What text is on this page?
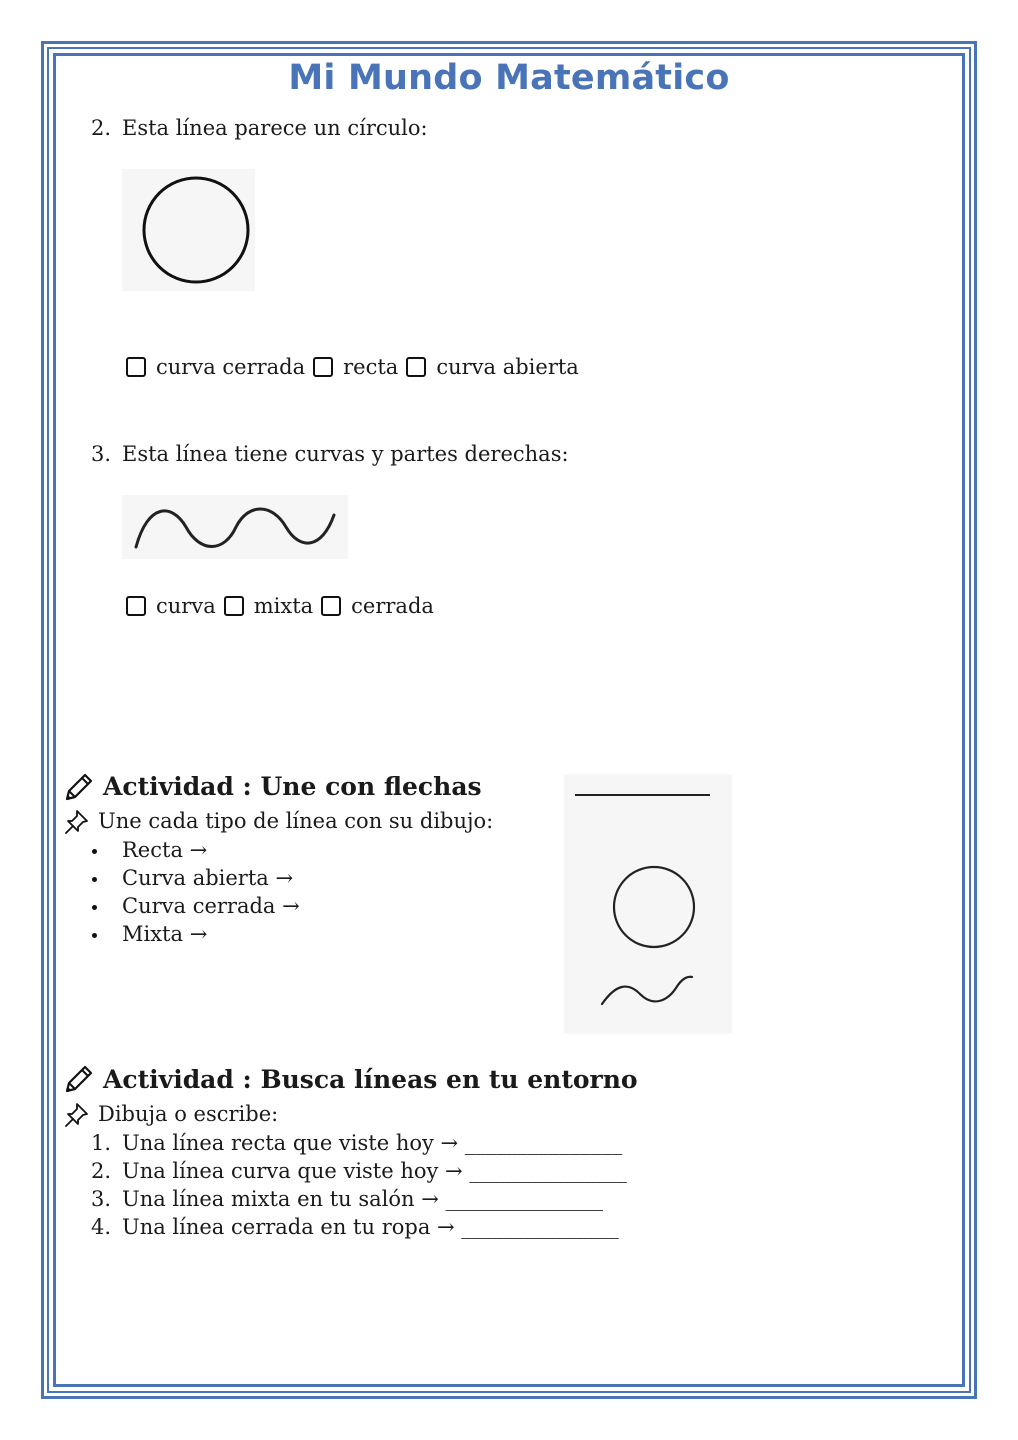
Mi Mundo Matemático
2. Esta línea parece un círculo:
curva cerrada recta curva abierta
3. Esta línea tiene curvas y partes derechas:
curva mixta cerrada
Actividad : Une con flechas
Une cada tipo de línea con su dibujo:
Recta →
Curva abierta →
Curva cerrada →
Mixta →
Actividad : Busca líneas en tu entorno
Dibuja o escribe:
1. Una línea recta que viste hoy → _______________
2. Una línea curva que viste hoy → _______________
3. Una línea mixta en tu salón → _______________
4. Una línea cerrada en tu ropa → _______________
